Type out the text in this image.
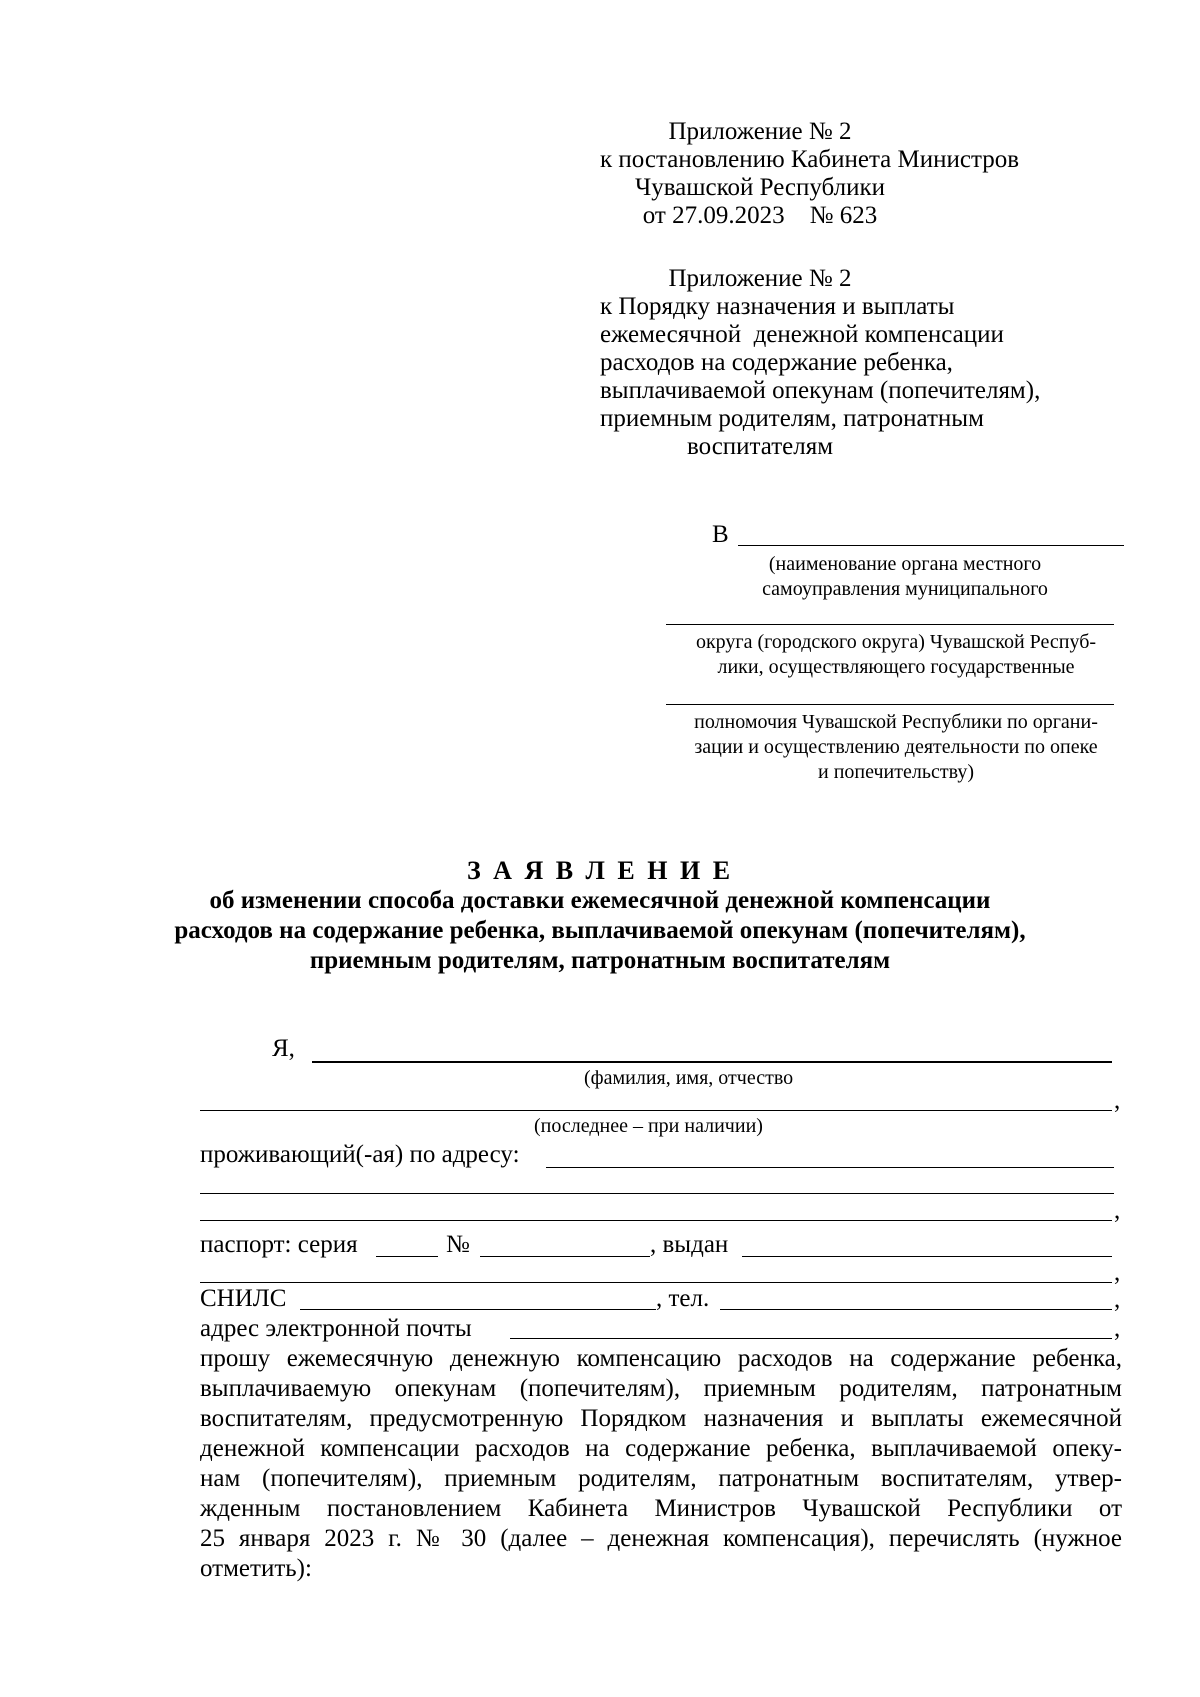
Приложение № 2
к постановлению Кабинета Министров
Чувашской Республики
от 27.09.2023    № 623
Приложение № 2
к Порядку назначения и выплаты
ежемесячной  денежной компенсации
расходов на содержание ребенка,
выплачиваемой опекунам (попечителям),
приемным родителям, патронатным
воспитателям
В
(наименование органа местного
самоуправления муниципального
округа (городского округа) Чувашской Респуб-
лики, осуществляющего государственные
полномочия Чувашской Республики по органи-
зации и осуществлению деятельности по опеке
и попечительству)
З А Я В Л Е Н И Е
об изменении способа доставки ежемесячной денежной компенсации
расходов на содержание ребенка, выплачиваемой опекунам (попечителям),
приемным родителям, патронатным воспитателям
Я,
(фамилия, имя, отчество
,
(последнее – при наличии)
проживающий(-ая) по адресу:
,
паспорт: серия	№	, выдан
,
СНИЛС	, тел.	,
адрес электронной почты	,
прошу ежемесячную денежную компенсацию расходов на содержание ребенка,
выплачиваемую опекунам (попечителям), приемным родителям, патронатным
воспитателям, предусмотренную Порядком назначения и выплаты ежемесячной
денежной компенсации расходов на содержание ребенка, выплачиваемой опеку-
нам (попечителям), приемным родителям, патронатным воспитателям, утвер-
жденным постановлением Кабинета Министров Чувашской Республики от
25 января 2023 г. № 30 (далее – денежная компенсация), перечислять (нужное
отметить):
